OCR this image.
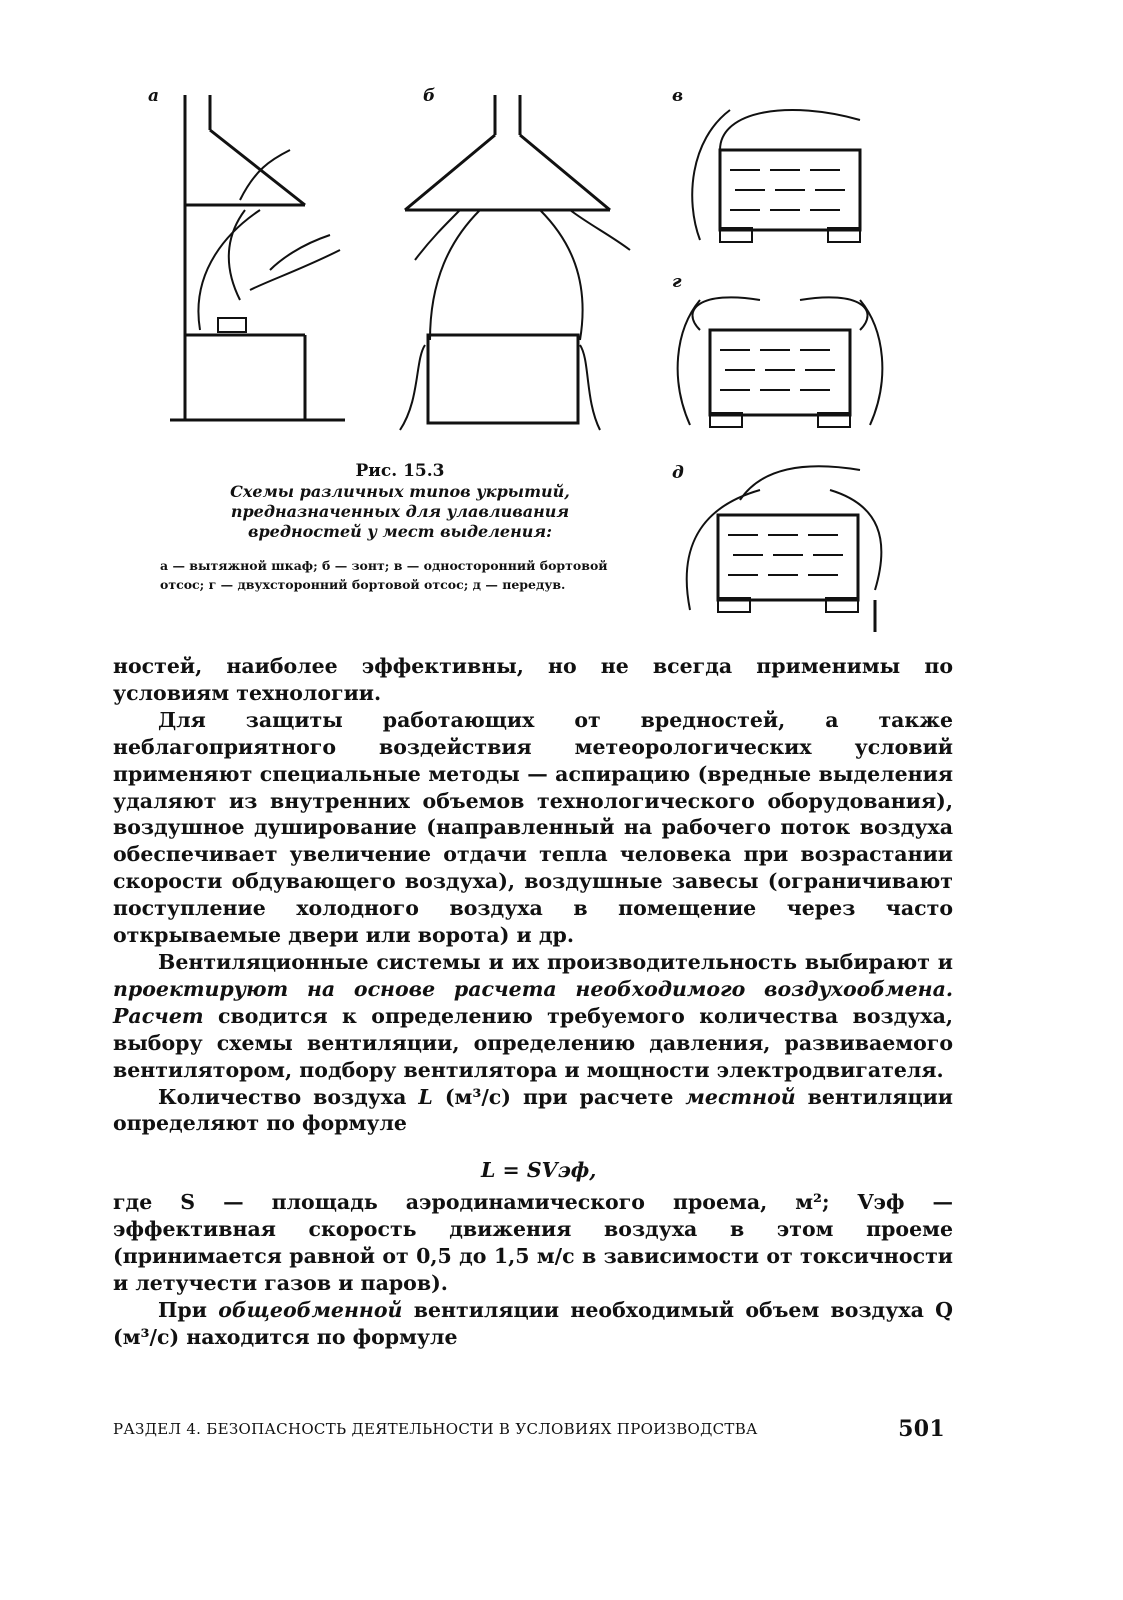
а	б	в
г
д
Рис. 15.3
Схемы различных типов укрытий, предназначенных для улавливания вредностей у мест выделения:
а — вытяжной шкаф; б — зонт; в — односторонний бортовой отсос; г — двухсторонний бортовой отсос; д — передув.

ностей, наиболее эффективны, но не всегда применимы по условиям технологии.

Для защиты работающих от вредностей, а также неблагоприятного воздействия метеорологических условий применяют специальные методы — аспирацию (вредные выделения удаляют из внутренних объемов технологического оборудования), воздушное душирование (направленный на рабочего поток воздуха обеспечивает увеличение отдачи тепла человека при возрастании скорости обдувающего воздуха), воздушные завесы (ограничивают поступление холодного воздуха в помещение через часто открываемые двери или ворота) и др.

Вентиляционные системы и их производительность выбирают и проектируют на основе расчета необходимого воздухообмена. Расчет сводится к определению требуемого количества воздуха, выбору схемы вентиляции, определению давления, развиваемого вентилятором, подбору вентилятора и мощности электродвигателя.

Количество воздуха L (м³/с) при расчете местной вентиляции определяют по формуле

L = SVэф,

где S — площадь аэродинамического проема, м²; Vэф — эффективная скорость движения воздуха в этом проеме (принимается равной от 0,5 до 1,5 м/с в зависимости от токсичности и летучести газов и паров).

При общеобменной вентиляции необходимый объем воздуха Q (м³/с) находится по формуле

РАЗДЕЛ 4. БЕЗОПАСНОСТЬ ДЕЯТЕЛЬНОСТИ В УСЛОВИЯХ ПРОИЗВОДСТВА	501
